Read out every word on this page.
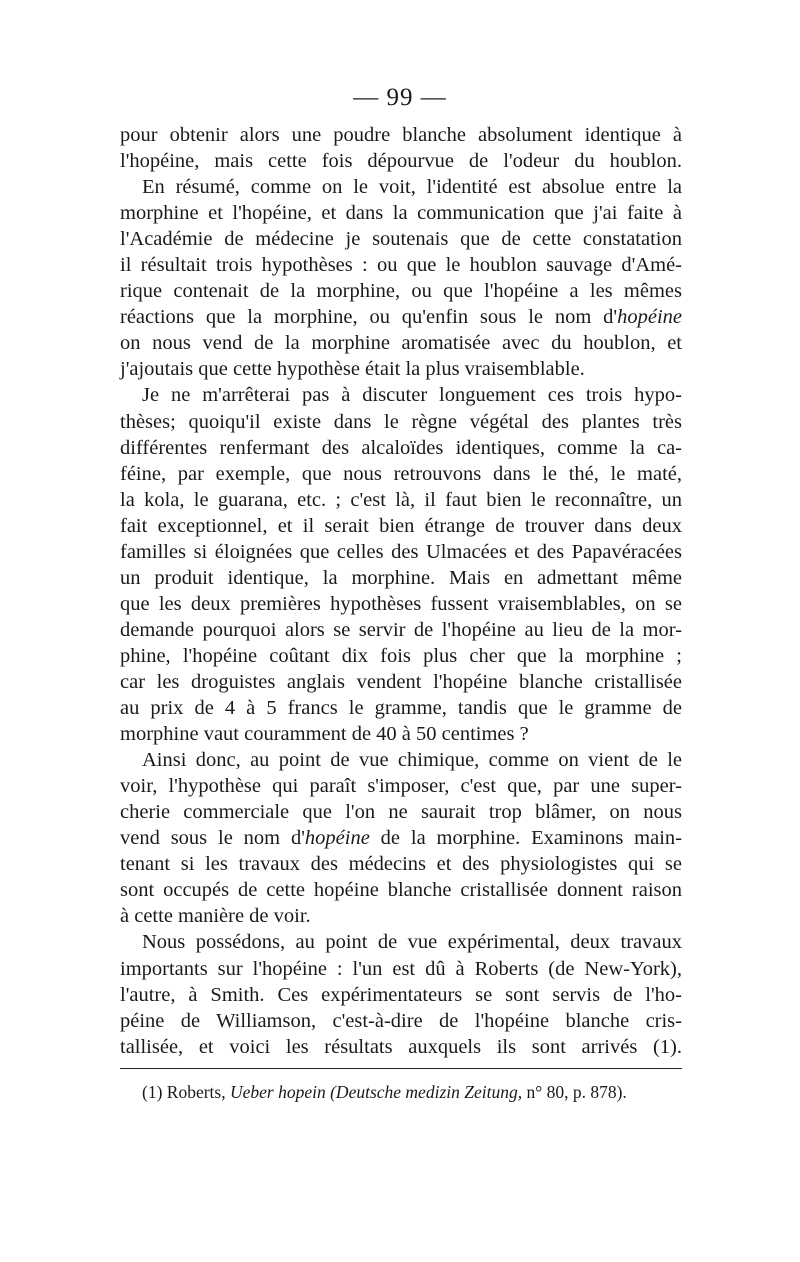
— 99 —
pour obtenir alors une poudre blanche absolument identique à
l'hopéine, mais cette fois dépourvue de l'odeur du houblon.
En résumé, comme on le voit, l'identité est absolue entre la
morphine et l'hopéine, et dans la communication que j'ai faite à
l'Académie de médecine je soutenais que de cette constatation
il résultait trois hypothèses : ou que le houblon sauvage d'Amé-
rique contenait de la morphine, ou que l'hopéine a les mêmes
réactions que la morphine, ou qu'enfin sous le nom d'hopéine
on nous vend de la morphine aromatisée avec du houblon, et
j'ajoutais que cette hypothèse était la plus vraisemblable.
Je ne m'arrêterai pas à discuter longuement ces trois hypo-
thèses; quoiqu'il existe dans le règne végétal des plantes très
différentes renfermant des alcaloïdes identiques, comme la ca-
féine, par exemple, que nous retrouvons dans le thé, le maté,
la kola, le guarana, etc. ; c'est là, il faut bien le reconnaître, un
fait exceptionnel, et il serait bien étrange de trouver dans deux
familles si éloignées que celles des Ulmacées et des Papavéracées
un produit identique, la morphine. Mais en admettant même
que les deux premières hypothèses fussent vraisemblables, on se
demande pourquoi alors se servir de l'hopéine au lieu de la mor-
phine, l'hopéine coûtant dix fois plus cher que la morphine ;
car les droguistes anglais vendent l'hopéine blanche cristallisée
au prix de 4 à 5 francs le gramme, tandis que le gramme de
morphine vaut couramment de 40 à 50 centimes ?
Ainsi donc, au point de vue chimique, comme on vient de le
voir, l'hypothèse qui paraît s'imposer, c'est que, par une super-
cherie commerciale que l'on ne saurait trop blâmer, on nous
vend sous le nom d'hopéine de la morphine. Examinons main-
tenant si les travaux des médecins et des physiologistes qui se
sont occupés de cette hopéine blanche cristallisée donnent raison
à cette manière de voir.
Nous possédons, au point de vue expérimental, deux travaux
importants sur l'hopéine : l'un est dû à Roberts (de New-York),
l'autre, à Smith. Ces expérimentateurs se sont servis de l'ho-
péine de Williamson, c'est-à-dire de l'hopéine blanche cris-
tallisée, et voici les résultats auxquels ils sont arrivés (1).
(1) Roberts, Ueber hopein (Deutsche medizin Zeitung, n° 80, p. 878).
